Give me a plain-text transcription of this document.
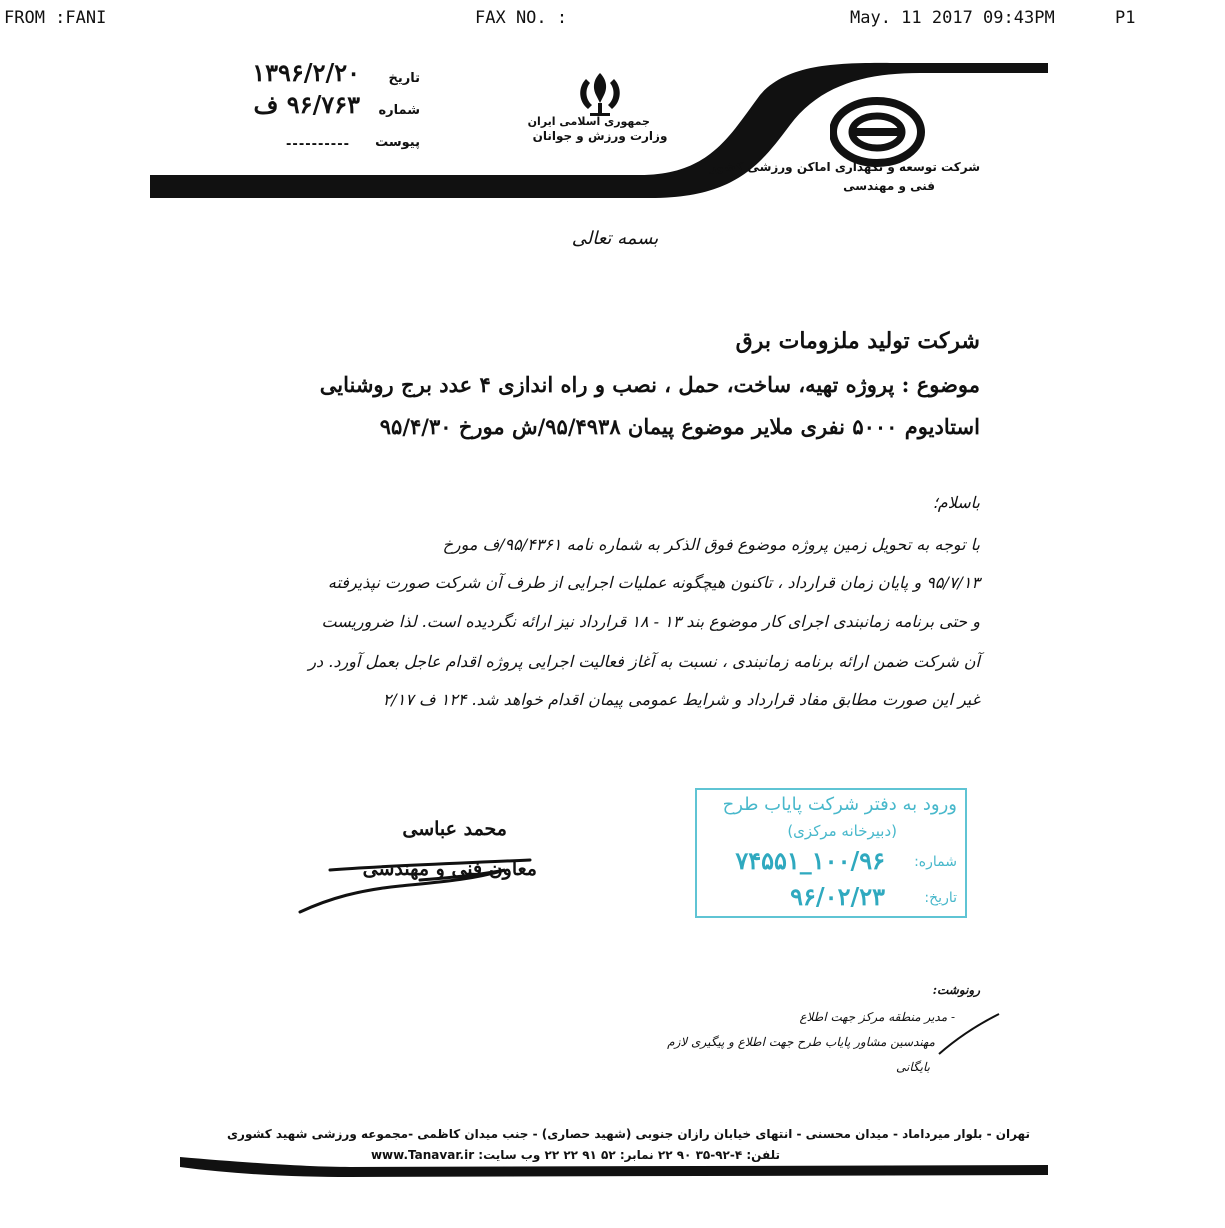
FROM :FANI	FAX NO. :	May. 11 2017 09:43PM	P1
تاریخ
۱۳۹۶/۲/۲۰
شماره
۹۶/۷۶۳ ف
پیوست
----------
جمهوری اسلامی ایران
وزارت ورزش و جوانان
شرکت توسعه و نگهداری اماکن ورزشی کشور
فنی و مهندسی
بسمه تعالی
شرکت تولید ملزومات برق
موضوع : پروژه تهیه، ساخت، حمل ، نصب و راه اندازی ۴ عدد برج روشنایی
استادیوم ۵۰۰۰ نفری ملایر موضوع پیمان ۹۵/۴۹۳۸/ش مورخ ۹۵/۴/۳۰
باسلام؛
با توجه به تحویل زمین پروژه موضوع فوق الذکر به شماره نامه ۹۵/۴۳۶۱/ف مورخ
۹۵/۷/۱۳ و پایان زمان قرارداد ، تاکنون هیچگونه عملیات اجرایی از طرف آن شرکت صورت نپذیرفته
و حتی برنامه زمانبندی اجرای کار موضوع بند ۱۳ - ۱۸ قرارداد نیز ارائه نگردیده است. لذا ضروریست
آن شرکت ضمن ارائه برنامه زمانبندی ، نسبت به آغاز فعالیت اجرایی پروژه اقدام عاجل بعمل آورد. در
غیر این صورت مطابق مفاد قرارداد و شرایط عمومی پیمان اقدام خواهد شد. ۱۲۴ ف ۲/۱۷
محمد عباسی
معاون فنی و مهندسی
ورود به دفتر شرکت پایاب طرح
(دبیرخانه مرکزی)
شماره:
۱۰۰/۹۶_۷۴۵۵۱
تاریخ:
۹۶/۰۲/۲۳
رونوشت:
- مدیر منطقه مرکز جهت اطلاع
مهندسین مشاور پایاب طرح جهت اطلاع و پیگیری لازم
بایگانی
تهران - بلوار میرداماد - میدان محسنی - انتهای خیابان رازان جنوبی (شهید حصاری) - جنب میدان کاظمی -مجموعه ورزشی شهید کشوری
تلفن: ۴-۹۲-۳۵ ۹۰ ۲۲ نمابر: ۵۲ ۹۱ ۲۲ ۲۲ وب سایت: www.Tanavar.ir
